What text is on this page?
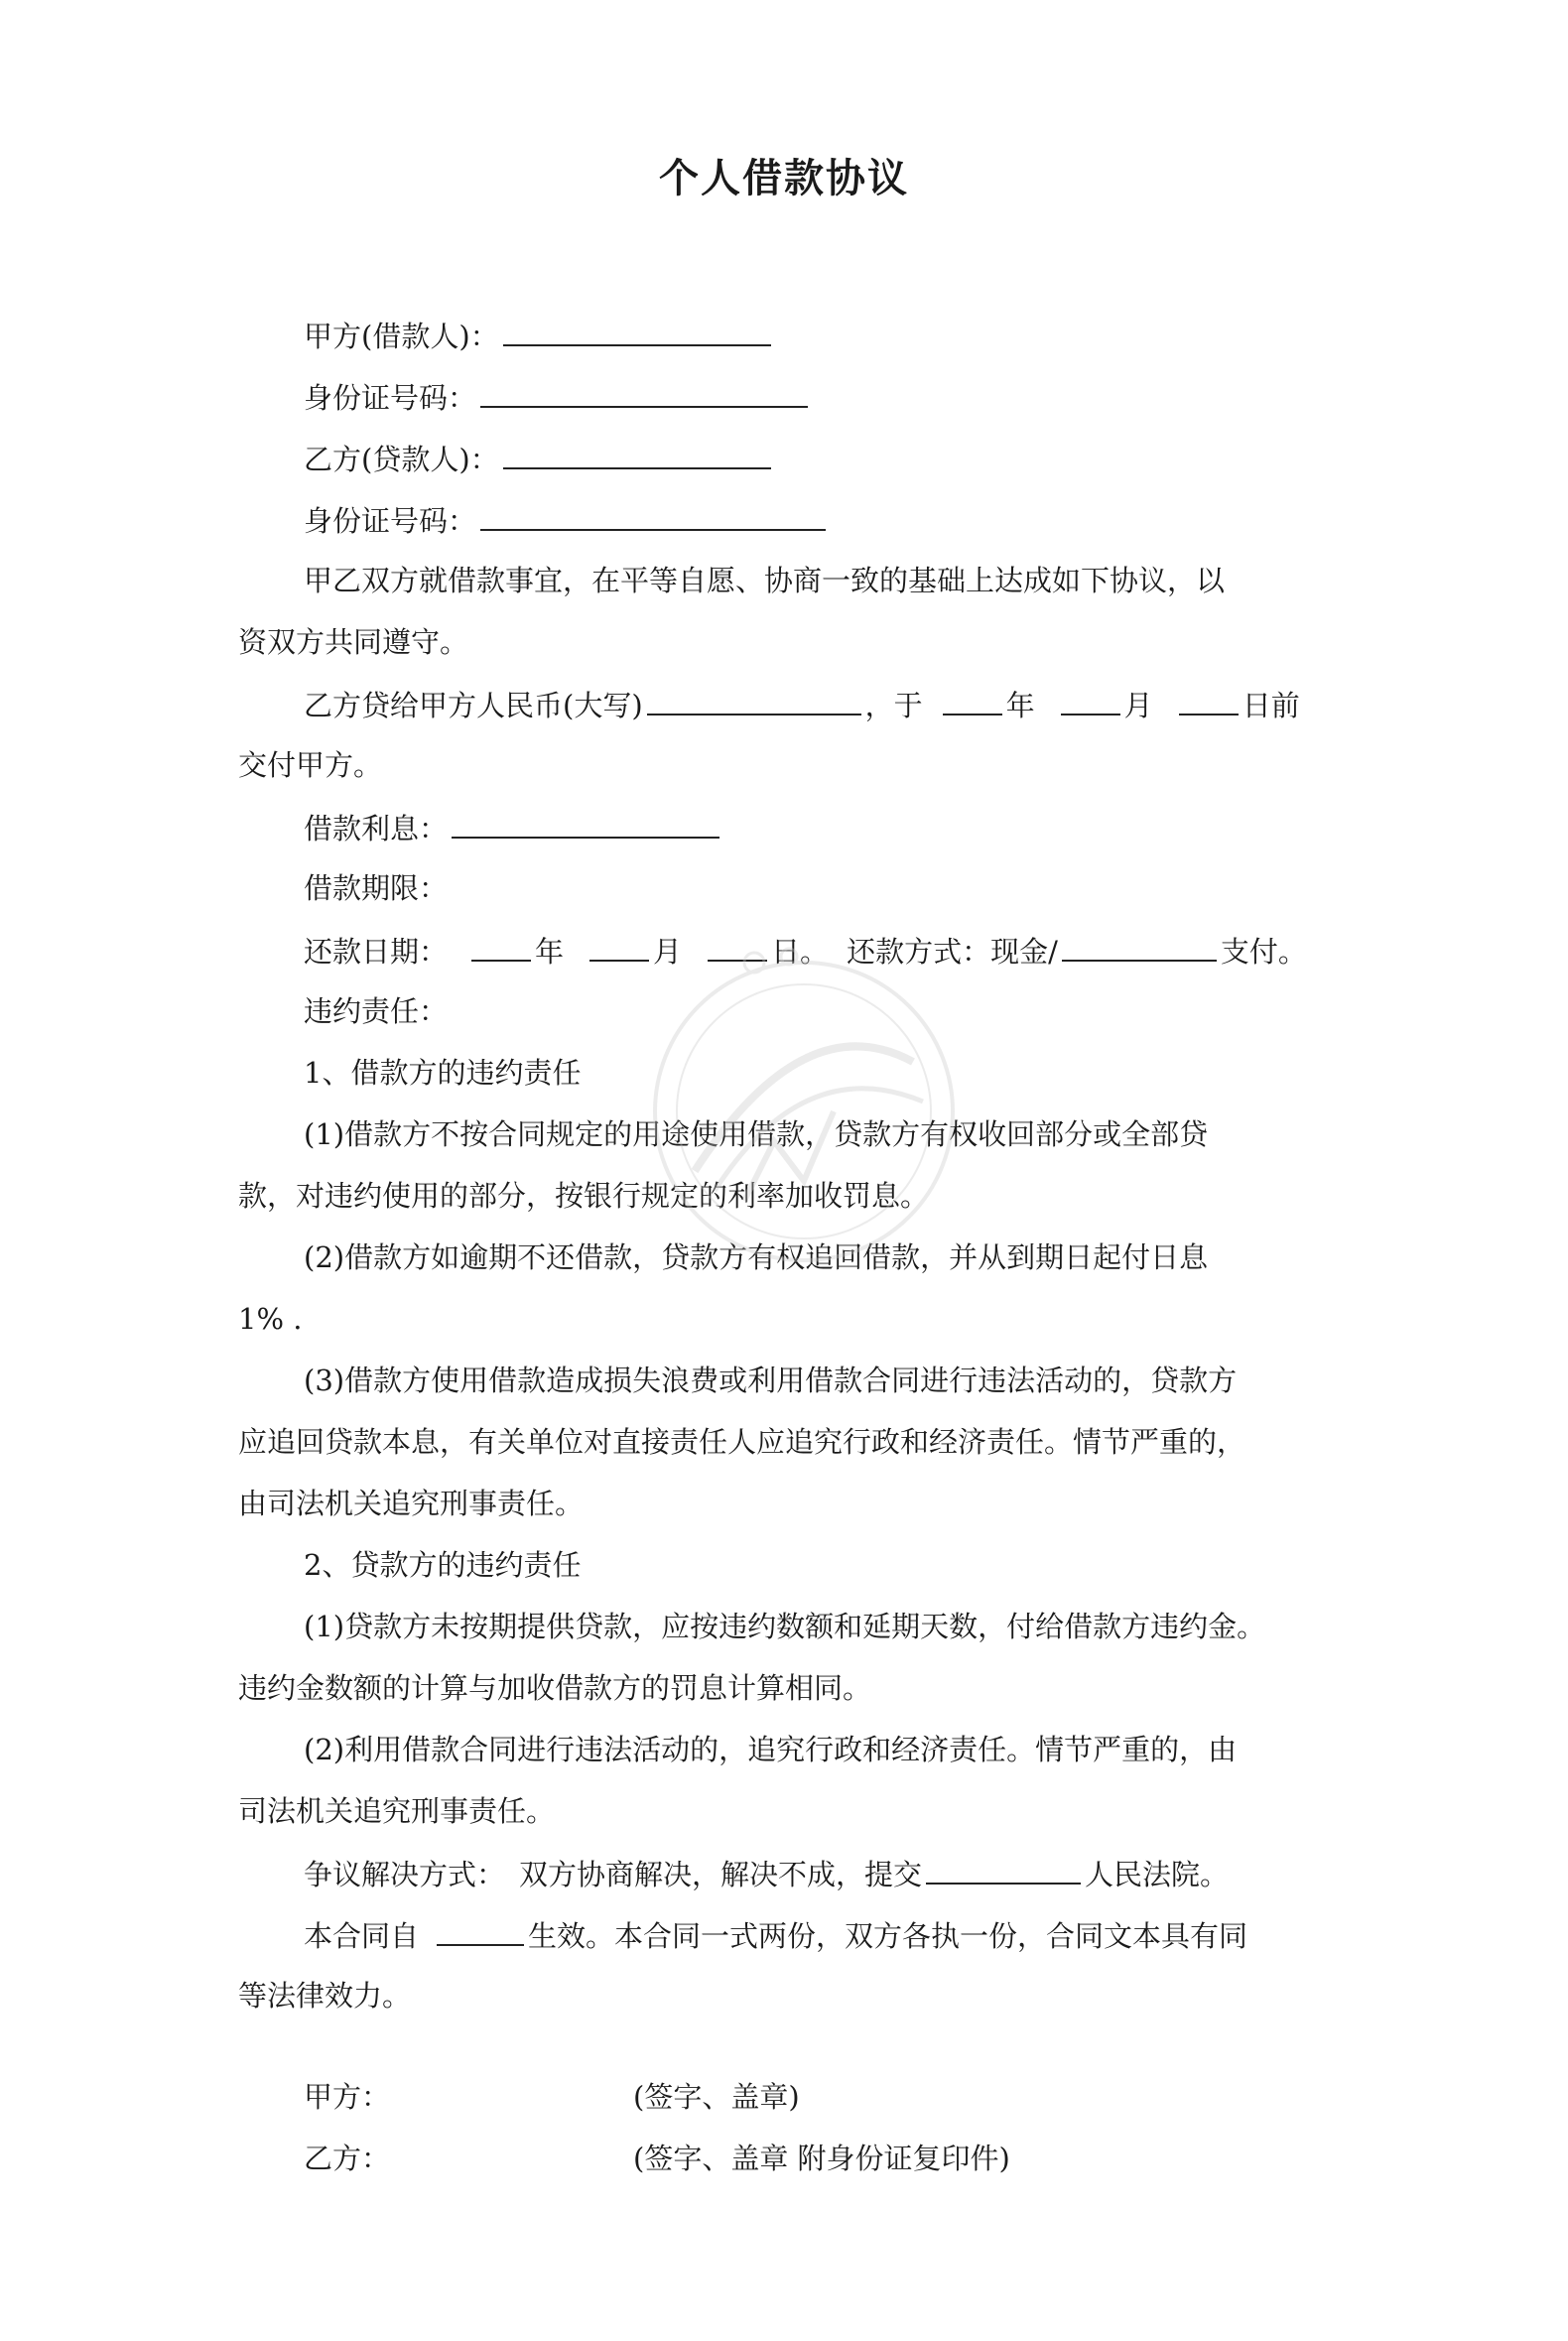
个人借款协议
甲方(借款人)：
身份证号码：
乙方(贷款人)：
身份证号码：
甲乙双方就借款事宜，在平等自愿、协商一致的基础上达成如下协议，以
资双方共同遵守。
乙方贷给甲方人民币(大写)	，于	年	月	日前
交付甲方。
借款利息：
借款期限：
还款日期：	年	月	日。 还款方式：现金/	支付。
违约责任：
1、借款方的违约责任
(1)借款方不按合同规定的用途使用借款，贷款方有权收回部分或全部贷
款，对违约使用的部分，按银行规定的利率加收罚息。
(2)借款方如逾期不还借款，贷款方有权追回借款，并从到期日起付日息
1% .
(3)借款方使用借款造成损失浪费或利用借款合同进行违法活动的，贷款方
应追回贷款本息，有关单位对直接责任人应追究行政和经济责任。情节严重的，
由司法机关追究刑事责任。
2、贷款方的违约责任
(1)贷款方未按期提供贷款，应按违约数额和延期天数，付给借款方违约金。
违约金数额的计算与加收借款方的罚息计算相同。
(2)利用借款合同进行违法活动的，追究行政和经济责任。情节严重的，由
司法机关追究刑事责任。
争议解决方式： 双方协商解决，解决不成，提交	人民法院。
本合同自	生效。本合同一式两份，双方各执一份，合同文本具有同
等法律效力。
甲方：	(签字、盖章)
乙方：	(签字、盖章 附身份证复印件)
